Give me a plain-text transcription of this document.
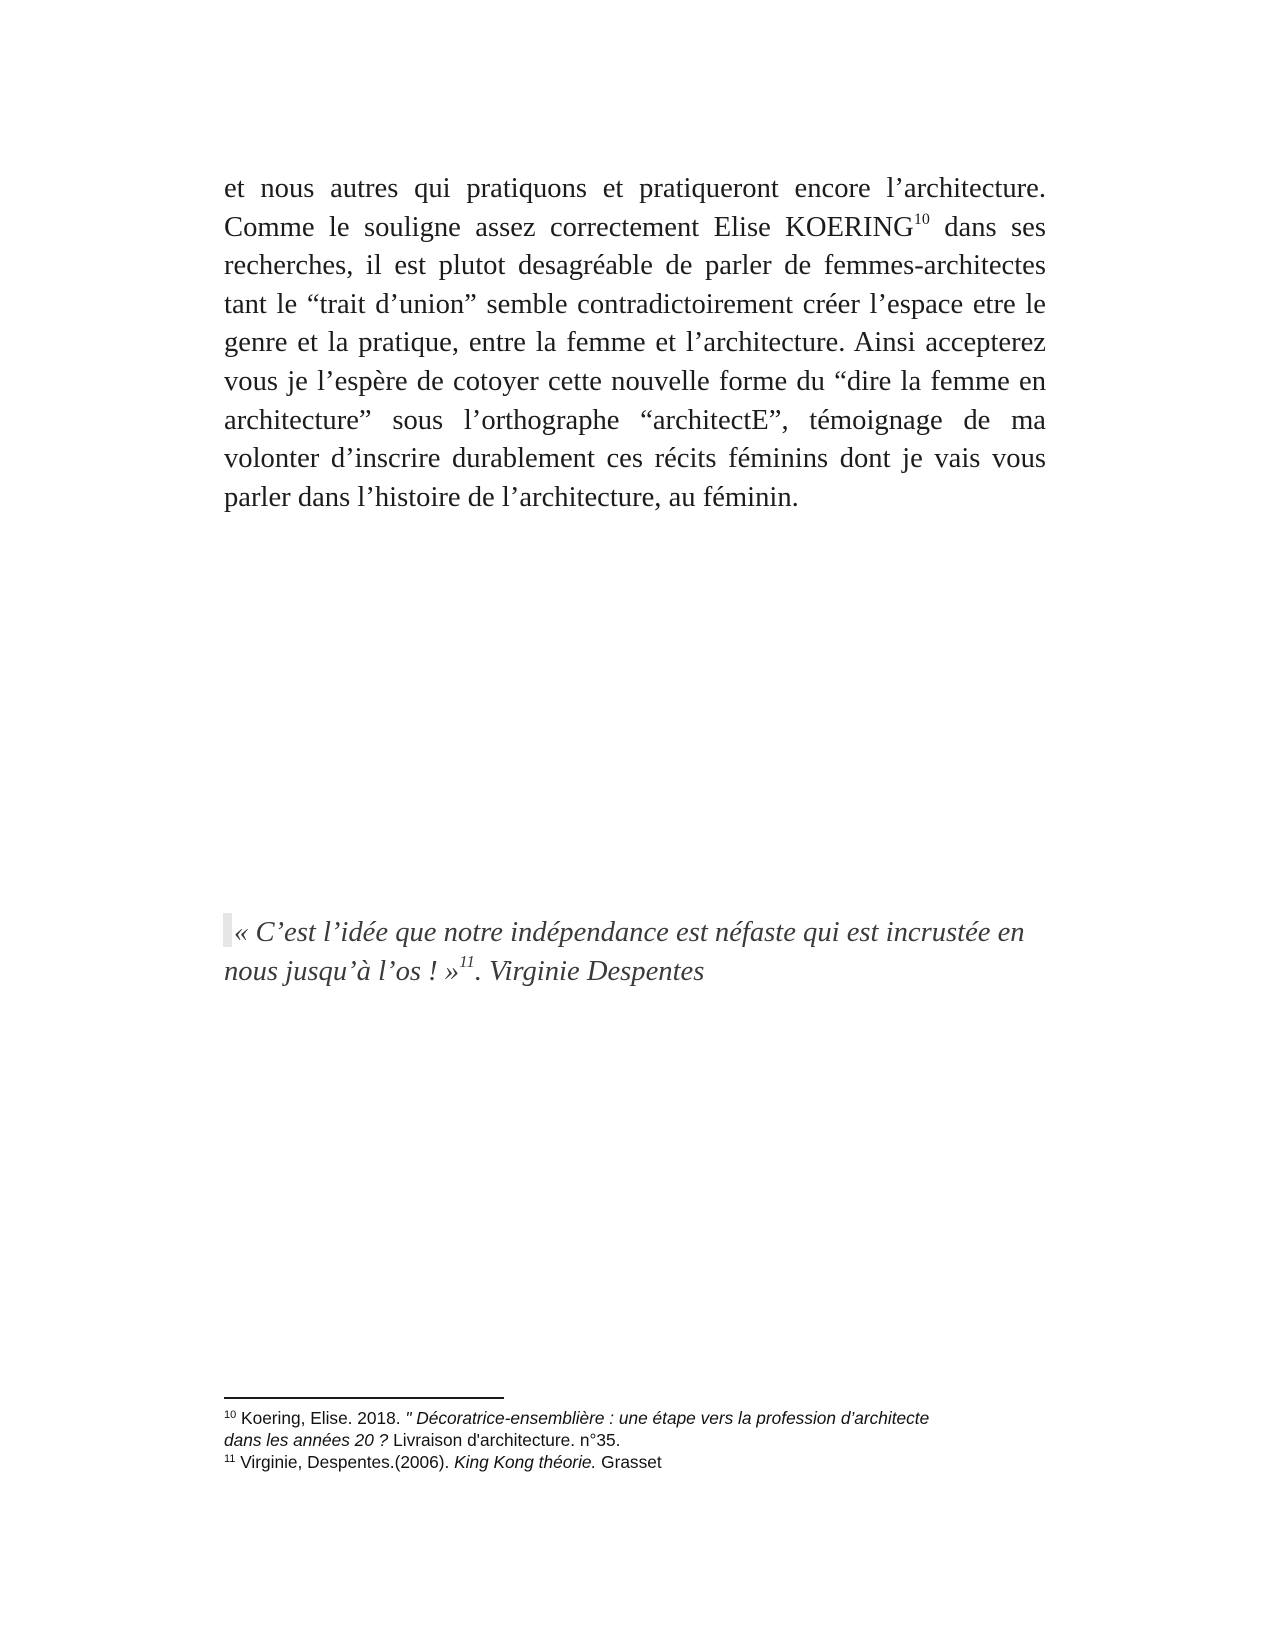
et nous autres qui pratiquons et pratiqueront encore l’architecture.
Comme le souligne assez correctement Elise KOERING$^{10}$ dans ses
recherches, il est plutot desagréable de parler de femmes-architectes
tant le “trait d’union” semble contradictoirement créer l’espace etre le
genre et la pratique, entre la femme et l’architecture. Ainsi accepterez
vous je l’espère de cotoyer cette nouvelle forme du “dire la femme en
architecture” sous l’orthographe “architectE”, témoignage de ma
volonter d’inscrire durablement ces récits féminins dont je vais vous
parler dans l’histoire de l’architecture, au féminin.
« C’est l’idée que notre indépendance est néfaste qui est incrustée en
nous jusqu’à l’os ! »$^{11}$. Virginie Despentes
$^{10}$ Koering, Elise. 2018. " Décoratrice-ensemblière : une étape vers la profession d’architecte
dans les années 20 ? Livraison d'architecture. n°35.
$^{11}$ Virginie, Despentes.(2006). King Kong théorie. Grasset
